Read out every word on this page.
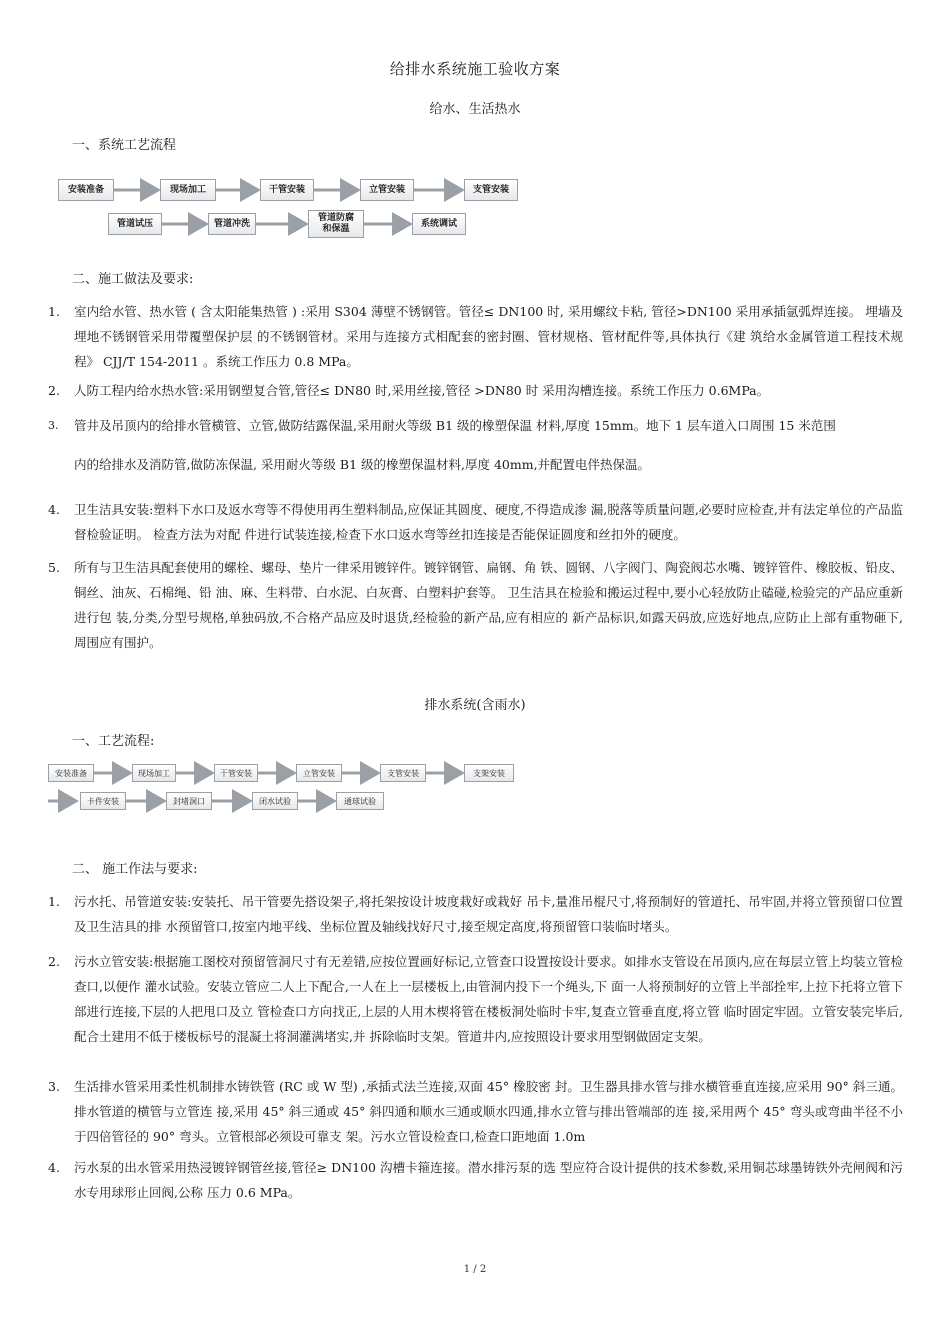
给排水系统施工验收方案
给水、生活热水
一、系统工艺流程
安装准备	现场加工	干管安装	立管安装	支管安装
管道试压	管道冲洗
管道防腐和保温
系统调试
二、施工做法及要求:
1.	室内给水管、热水管 ( 含太阳能集热管 ) :采用 S304 薄壁不锈钢管。管径≤ DN100 时, 采用螺纹卡粘, 管径>DN100 采用承插氩弧焊连接。 埋墙及埋地不锈钢管采用带覆塑保护层 的不锈钢管材。采用与连接方式相配套的密封圈、管材规格、管材配件等,具体执行《建 筑给水金属管道工程技术规程》 CJJ/T 154-2011 。系统工作压力 0.8 MPa。
2.	人防工程内给水热水管:采用钢塑复合管,管径≤ DN80 时,采用丝接,管径 >DN80 时 采用沟槽连接。系统工作压力 0.6MPa。
3.	管井及吊顶内的给排水管横管、立管,做防结露保温,采用耐火等级 B1 级的橡塑保温 材料,厚度 15mm。地下 1 层车道入口周围 15 米范围
内的给排水及消防管,做防冻保温, 采用耐火等级 B1 级的橡塑保温材料,厚度 40mm,并配置电伴热保温。
4.	卫生洁具安装:塑料下水口及返水弯等不得使用再生塑料制品,应保证其圆度、硬度,不得造成渗 漏,脱落等质量问题,必要时应检查,并有法定单位的产品监督检验证明。 检查方法为对配 件进行试装连接,检查下水口返水弯等丝扣连接是否能保证圆度和丝扣外的硬度。
5.	所有与卫生洁具配套使用的螺栓、螺母、垫片一律采用镀锌件。镀锌钢管、扁钢、角 铁、圆钢、八字阀门、陶瓷阀芯水嘴、镀锌管件、橡胶板、铅皮、铜丝、油灰、石棉绳、铅 油、麻、生料带、白水泥、白灰膏、白塑料护套等。 卫生洁具在检验和搬运过程中,要小心轻放防止磕碰,检验完的产品应重新进行包 装,分类,分型号规格,单独码放,不合格产品应及时退货,经检验的新产品,应有相应的 新产品标识,如露天码放,应选好地点,应防止上部有重物砸下,周围应有围护。
排水系统(含雨水)
一、工艺流程:
安装准备	现场加工	干管安装	立管安装	支管安装	支架安装
卡件安装	封堵洞口	闭水试验	通球试验
二、 施工作法与要求:
1.	污水托、吊管道安装:安装托、吊干管要先搭设架子,将托架按设计坡度栽好或栽好 吊卡,量准吊棍尺寸,将预制好的管道托、吊牢固,并将立管预留口位置及卫生洁具的排 水预留管口,按室内地平线、坐标位置及轴线找好尺寸,接至规定高度,将预留管口装临时堵头。
2.	污水立管安装:根据施工图校对预留管洞尺寸有无差错,应按位置画好标记,立管查口设置按设计要求。如排水支管设在吊顶内,应在每层立管上均装立管检查口,以便作 灌水试验。安装立管应二人上下配合,一人在上一层楼板上,由管洞内投下一个绳头,下 面一人将预制好的立管上半部拴牢,上拉下托将立管下部进行连接,下层的人把甩口及立 管检查口方向找正,上层的人用木楔将管在楼板洞处临时卡牢,复查立管垂直度,将立管 临时固定牢固。立管安装完毕后,配合土建用不低于楼板标号的混凝土将洞灌满堵实,并 拆除临时支架。管道井内,应按照设计要求用型钢做固定支架。
3.	生活排水管采用柔性机制排水铸铁管 (RC 或 W 型) ,承插式法兰连接,双面 45° 橡胶密 封。卫生器具排水管与排水横管垂直连接,应采用 90° 斜三通。排水管道的横管与立管连 接,采用 45° 斜三通或 45° 斜四通和顺水三通或顺水四通,排水立管与排出管端部的连 接,采用两个 45° 弯头或弯曲半径不小于四倍管径的 90° 弯头。立管根部必须设可靠支 架。污水立管设检查口,检查口距地面 1.0m
4.	污水泵的出水管采用热浸镀锌钢管丝接,管径≥ DN100 沟槽卡箍连接。潜水排污泵的选 型应符合设计提供的技术参数,采用铜芯球墨铸铁外壳闸阀和污水专用球形止回阀,公称 压力 0.6 MPa。
1 / 2
